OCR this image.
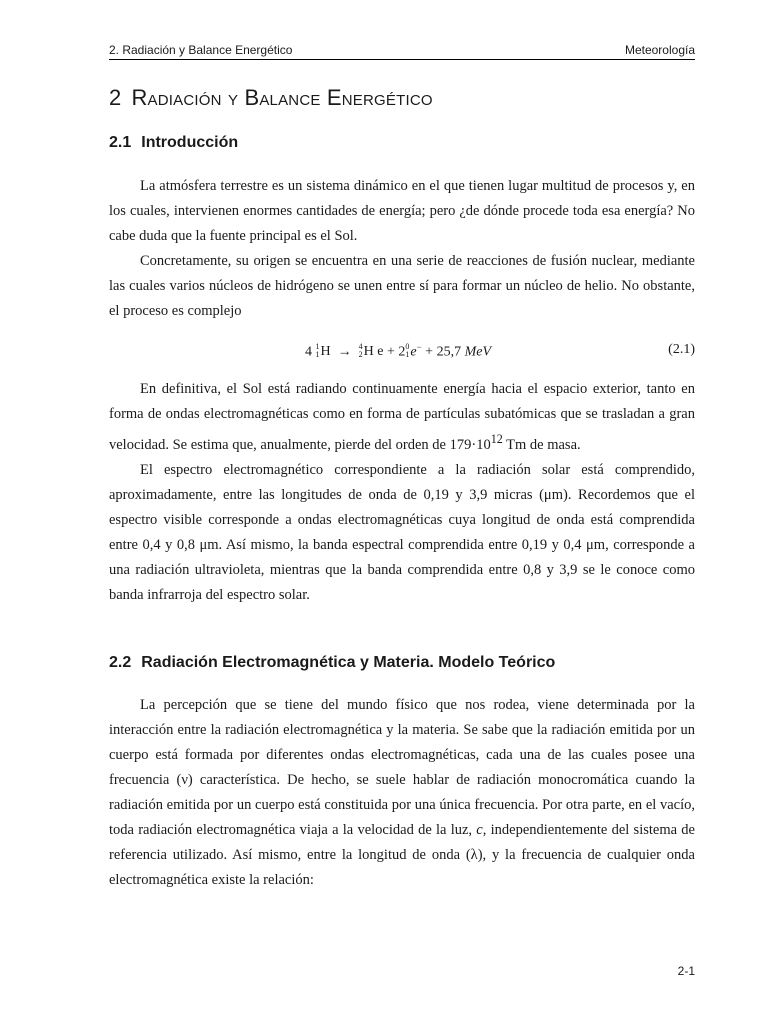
2. Radiación y Balance Energético	Meteorología
2 Radiación y Balance Energético
2.1 Introducción

La atmósfera terrestre es un sistema dinámico en el que tienen lugar multitud de procesos y, en los cuales, intervienen enormes cantidades de energía; pero ¿de dónde procede toda esa energía? No cabe duda que la fuente principal es el Sol.

Concretamente, su origen se encuentra en una serie de reacciones de fusión nuclear, mediante las cuales varios núcleos de hidrógeno se unen entre sí para formar un núcleo de helio. No obstante, el proceso es complejo

4 1
1 H → 4
2 H e + 2 0
1 e− + 25,7 MeV	(2.1)

En definitiva, el Sol está radiando continuamente energía hacia el espacio exterior, tanto en forma de ondas electromagnéticas como en forma de partículas subatómicas que se trasladan a gran velocidad. Se estima que, anualmente, pierde del orden de $179\cdot 10^{12}$ Tm de masa.

El espectro electromagnético correspondiente a la radiación solar está comprendido, aproximadamente, entre las longitudes de onda de 0,19 y 3,9 micras (μm). Recordemos que el espectro visible corresponde a ondas electromagnéticas cuya longitud de onda está comprendida entre 0,4 y 0,8 μm. Así mismo, la banda espectral comprendida entre 0,19 y 0,4 μm, corresponde a una radiación ultravioleta, mientras que la banda comprendida entre 0,8 y 3,9 se le conoce como banda infrarroja del espectro solar.

2.2 Radiación Electromagnética y Materia. Modelo Teórico

La percepción que se tiene del mundo físico que nos rodea, viene determinada por la interacción entre la radiación electromagnética y la materia. Se sabe que la radiación emitida por un cuerpo está formada por diferentes ondas electromagnéticas, cada una de las cuales posee una frecuencia (ν) característica. De hecho, se suele hablar de radiación monocromática cuando la radiación emitida por un cuerpo está constituida por una única frecuencia. Por otra parte, en el vacío, toda radiación electromagnética viaja a la velocidad de la luz, c, independientemente del sistema de referencia utilizado. Así mismo, entre la longitud de onda (λ), y la frecuencia de cualquier onda electromagnética existe la relación:

2-1
